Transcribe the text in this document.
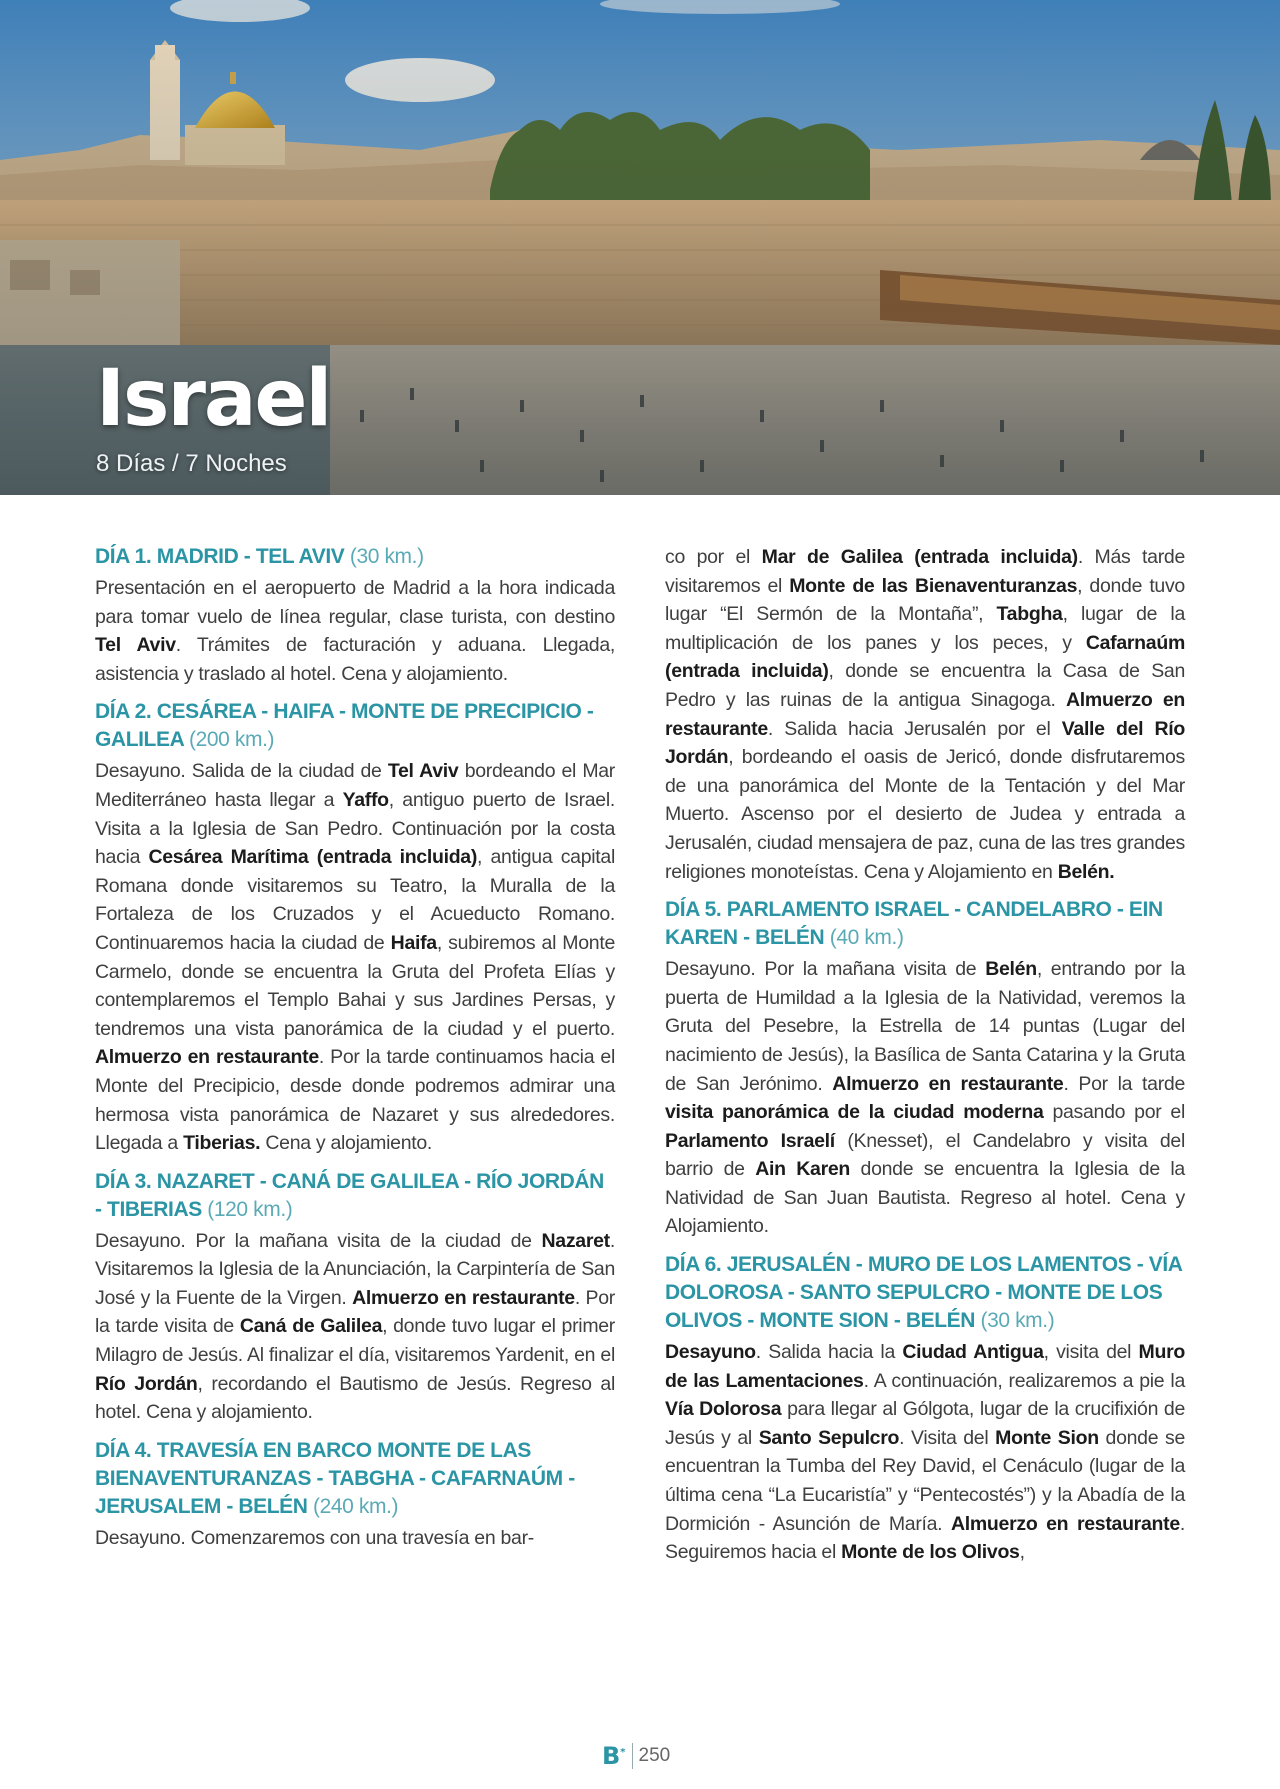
Israel

8 Días / 7 Noches

DÍA 1. MADRID - TEL AVIV (30 km.)

Presentación en el aeropuerto de Madrid a la hora indicada para tomar vuelo de línea regular, clase turista, con destino Tel Aviv. Trámites de facturación y aduana. Llegada, asistencia y traslado al hotel. Cena y alojamiento.

DÍA 2. CESÁREA - HAIFA - MONTE DE PRECIPICIO - GALILEA (200 km.)

Desayuno. Salida de la ciudad de Tel Aviv bordeando el Mar Mediterráneo hasta llegar a Yaffo, antiguo puerto de Israel. Visita a la Iglesia de San Pedro. Continuación por la costa hacia Cesárea Marítima (entrada incluida), antigua capital Romana donde visitaremos su Teatro, la Muralla de la Fortaleza de los Cruzados y el Acueducto Romano. Continuaremos hacia la ciudad de Haifa, subiremos al Monte Carmelo, donde se encuentra la Gruta del Profeta Elías y contemplaremos el Templo Bahai y sus Jardines Persas, y tendremos una vista panorámica de la ciudad y el puerto. Almuerzo en restaurante. Por la tarde continuamos hacia el Monte del Precipicio, desde donde podremos admirar una hermosa vista panorámica de Nazaret y sus alrededores. Llegada a Tiberias. Cena y alojamiento.

DÍA 3. NAZARET - CANÁ DE GALILEA - RÍO JORDÁN - TIBERIAS (120 km.)

Desayuno. Por la mañana visita de la ciudad de Nazaret. Visitaremos la Iglesia de la Anunciación, la Carpintería de San José y la Fuente de la Virgen. Almuerzo en restaurante. Por la tarde visita de Caná de Galilea, donde tuvo lugar el primer Milagro de Jesús. Al finalizar el día, visitaremos Yardenit, en el Río Jordán, recordando el Bautismo de Jesús. Regreso al hotel. Cena y alojamiento.

DÍA 4. TRAVESÍA EN BARCO MONTE DE LAS BIENAVENTURANZAS - TABGHA - CAFARNAÚM - JERUSALEM - BELÉN (240 km.)

Desayuno. Comenzaremos con una travesía en bar-

co por el Mar de Galilea (entrada incluida). Más tarde visitaremos el Monte de las Bienaventuranzas, donde tuvo lugar “El Sermón de la Montaña”, Tabgha, lugar de la multiplicación de los panes y los peces, y Cafarnaúm (entrada incluida), donde se encuentra la Casa de San Pedro y las ruinas de la antigua Sinagoga. Almuerzo en restaurante. Salida hacia Jerusalén por el Valle del Río Jordán, bordeando el oasis de Jericó, donde disfrutaremos de una panorámica del Monte de la Tentación y del Mar Muerto. Ascenso por el desierto de Judea y entrada a Jerusalén, ciudad mensajera de paz, cuna de las tres grandes religiones monoteístas. Cena y Alojamiento en Belén.

DÍA 5. PARLAMENTO ISRAEL - CANDELABRO - EIN KAREN - BELÉN (40 km.)

Desayuno. Por la mañana visita de Belén, entrando por la puerta de Humildad a la Iglesia de la Natividad, veremos la Gruta del Pesebre, la Estrella de 14 puntas (Lugar del nacimiento de Jesús), la Basílica de Santa Catarina y la Gruta de San Jerónimo. Almuerzo en restaurante. Por la tarde visita panorámica de la ciudad moderna pasando por el Parlamento Israelí (Knesset), el Candelabro y visita del barrio de Ain Karen donde se encuentra la Iglesia de la Natividad de San Juan Bautista. Regreso al hotel. Cena y Alojamiento.

DÍA 6. JERUSALÉN - MURO DE LOS LAMENTOS - VÍA DOLOROSA - SANTO SEPULCRO - MONTE DE LOS OLIVOS - MONTE SION - BELÉN (30 km.)

Desayuno. Salida hacia la Ciudad Antigua, visita del Muro de las Lamentaciones. A continuación, realizaremos a pie la Vía Dolorosa para llegar al Gólgota, lugar de la crucifixión de Jesús y al Santo Sepulcro. Visita del Monte Sion donde se encuentran la Tumba del Rey David, el Cenáculo (lugar de la última cena “La Eucaristía” y “Pentecostés”) y la Abadía de la Dormición - Asunción de María. Almuerzo en restaurante. Seguiremos hacia el Monte de los Olivos,

B* 250
